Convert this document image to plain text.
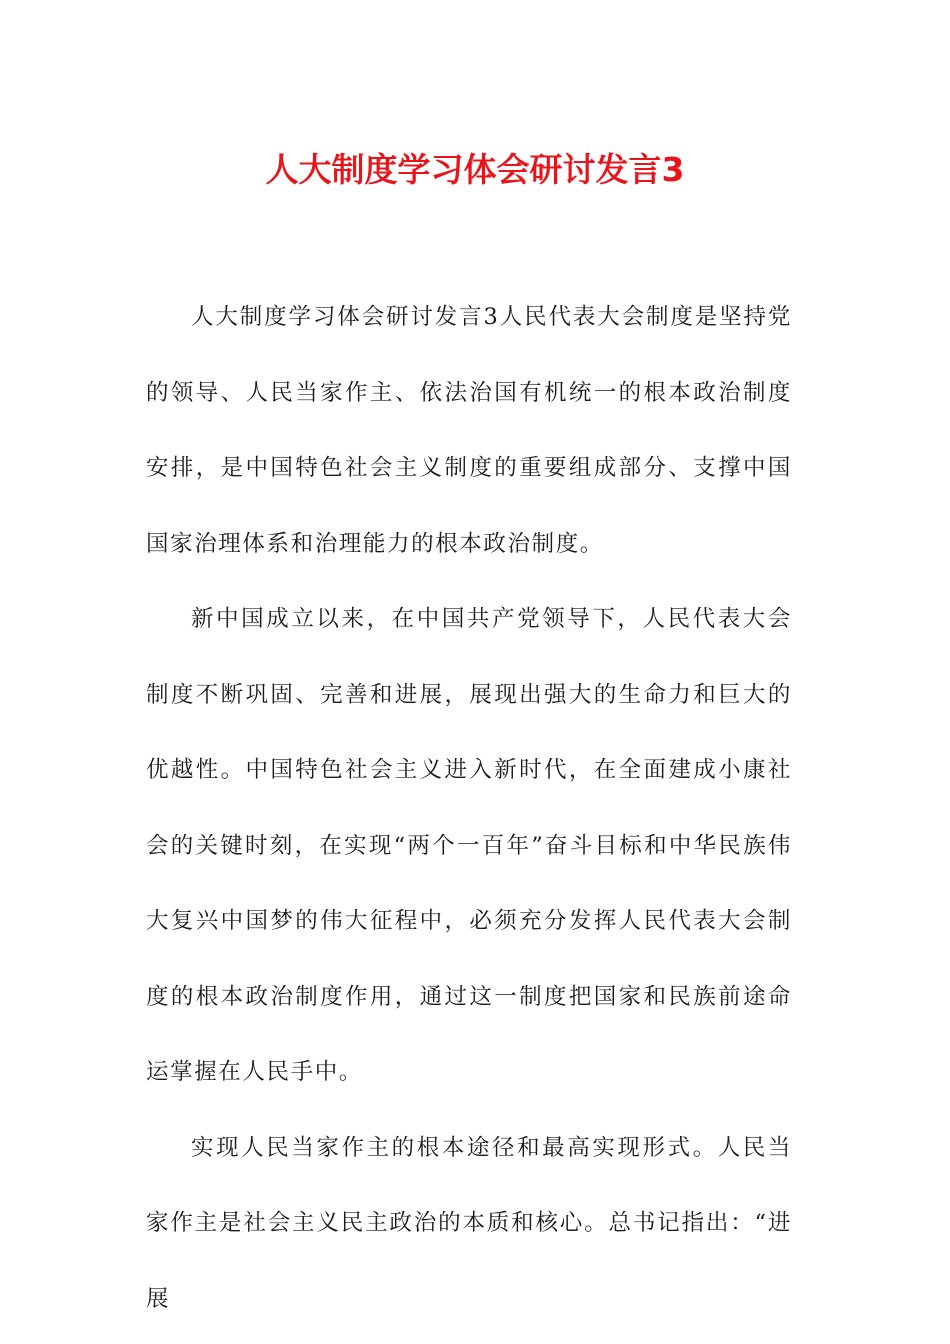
人大制度学习体会研讨发言3

人大制度学习体会研讨发言3人民代表大会制度是坚持党的领导、人民当家作主、依法治国有机统一的根本政治制度安排，是中国特色社会主义制度的重要组成部分、支撑中国国家治理体系和治理能力的根本政治制度。

新中国成立以来，在中国共产党领导下，人民代表大会制度不断巩固、完善和进展，展现出强大的生命力和巨大的优越性。中国特色社会主义进入新时代，在全面建成小康社会的关键时刻，在实现“两个一百年”奋斗目标和中华民族伟大复兴中国梦的伟大征程中，必须充分发挥人民代表大会制度的根本政治制度作用，通过这一制度把国家和民族前途命运掌握在人民手中。

实现人民当家作主的根本途径和最高实现形式。人民当家作主是社会主义民主政治的本质和核心。总书记指出：“进展
